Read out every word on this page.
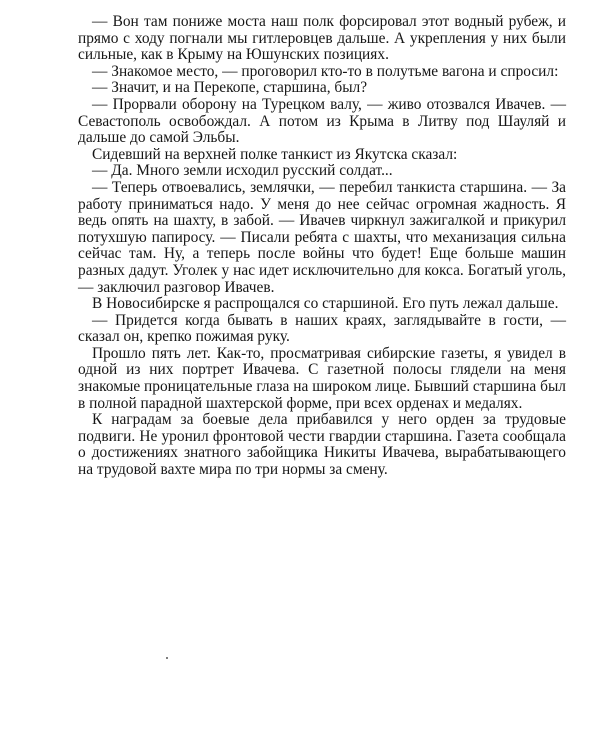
— Вон там пониже моста наш полк форсировал этот водный рубеж, и прямо с ходу погнали мы гитлеровцев дальше. А укрепления у них были сильные, как в Крыму на Юшунских позициях.

— Знакомое место, — проговорил кто-то в полутьме вагона и спросил:

— Значит, и на Перекопе, старшина, был?

— Прорвали оборону на Турецком валу, — живо отозвался Ивачев. — Севастополь освобождал. А потом из Крыма в Литву под Шауляй и дальше до самой Эльбы.

Сидевший на верхней полке танкист из Якутска сказал:

— Да. Много земли исходил русский солдат...

— Теперь отвоевались, землячки, — перебил танкиста старшина. — За работу приниматься надо. У меня до нее сейчас огромная жадность. Я ведь опять на шахту, в забой. — Ивачев чиркнул зажигалкой и прикурил потухшую папиросу. — Писали ребята с шахты, что механизация сильна сейчас там. Ну, а теперь после войны что будет! Еще больше машин разных дадут. Уголек у нас идет исключительно для кокса. Богатый уголь, — заключил разговор Ивачев.

В Новосибирске я распрощался со старшиной. Его путь лежал дальше.

— Придется когда бывать в наших краях, заглядывайте в гости, — сказал он, крепко пожимая руку.

Прошло пять лет. Как-то, просматривая сибирские газеты, я увидел в одной из них портрет Ивачева. С газетной полосы глядели на меня знакомые проницательные глаза на широком лице. Бывший старшина был в полной парадной шахтерской форме, при всех орденах и медалях.

К наградам за боевые дела прибавился у него орден за трудовые подвиги. Не уронил фронтовой чести гвардии старшина. Газета сообщала о достижениях знатного забойщика Никиты Ивачева, вырабатывающего на трудовой вахте мира по три нормы за смену.
